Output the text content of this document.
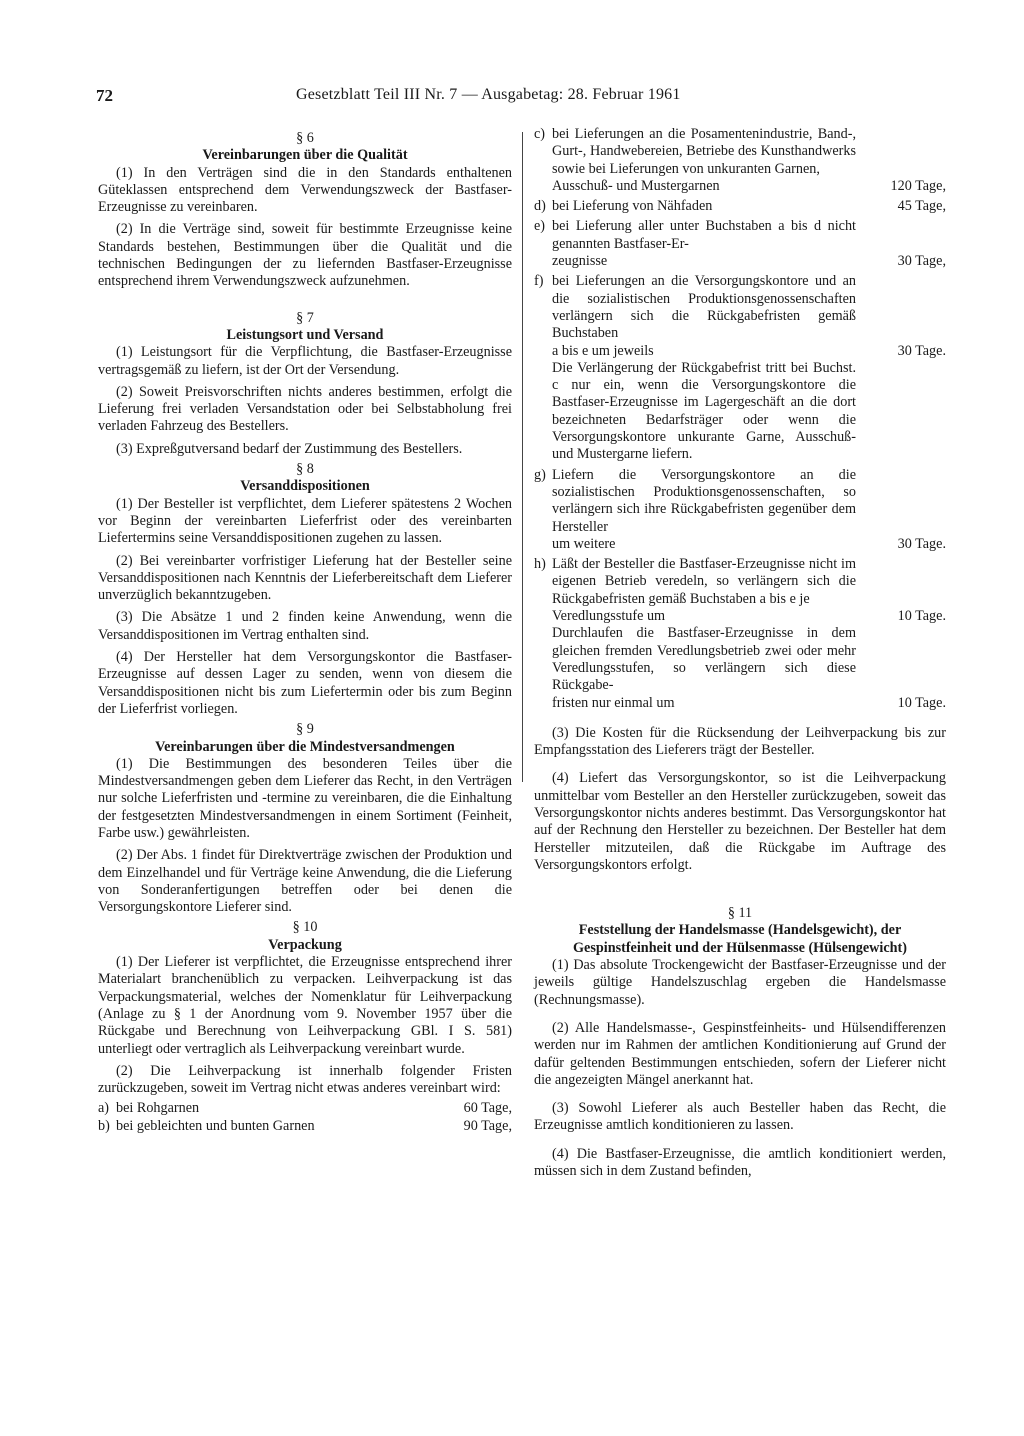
72	Gesetzblatt Teil III Nr. 7 — Ausgabetag: 28. Februar 1961

§ 6

Vereinbarungen über die Qualität

(1) In den Verträgen sind die in den Standards enthaltenen Güteklassen entsprechend dem Verwendungszweck der Bastfaser-Erzeugnisse zu vereinbaren.

(2) In die Verträge sind, soweit für bestimmte Erzeugnisse keine Standards bestehen, Bestimmungen über die Qualität und die technischen Bedingungen der zu liefernden Bastfaser-Erzeugnisse entsprechend ihrem Verwendungszweck aufzunehmen.

§ 7

Leistungsort und Versand

(1) Leistungsort für die Verpflichtung, die Bastfaser-Erzeugnisse vertragsgemäß zu liefern, ist der Ort der Versendung.

(2) Soweit Preisvorschriften nichts anderes bestimmen, erfolgt die Lieferung frei verladen Versandstation oder bei Selbstabholung frei verladen Fahrzeug des Bestellers.

(3) Expreßgutversand bedarf der Zustimmung des Bestellers.

§ 8

Versanddispositionen

(1) Der Besteller ist verpflichtet, dem Lieferer spätestens 2 Wochen vor Beginn der vereinbarten Lieferfrist oder des vereinbarten Liefertermins seine Versanddispositionen zugehen zu lassen.

(2) Bei vereinbarter vorfristiger Lieferung hat der Besteller seine Versanddispositionen nach Kenntnis der Lieferbereitschaft dem Lieferer unverzüglich bekanntzugeben.

(3) Die Absätze 1 und 2 finden keine Anwendung, wenn die Versanddispositionen im Vertrag enthalten sind.

(4) Der Hersteller hat dem Versorgungskontor die Bastfaser-Erzeugnisse auf dessen Lager zu senden, wenn von diesem die Versanddispositionen nicht bis zum Liefertermin oder bis zum Beginn der Lieferfrist vorliegen.

§ 9

Vereinbarungen über die Mindestversandmengen

(1) Die Bestimmungen des besonderen Teiles über die Mindestversandmengen geben dem Lieferer das Recht, in den Verträgen nur solche Lieferfristen und -termine zu vereinbaren, die die Einhaltung der festgesetzten Mindestversandmengen in einem Sortiment (Feinheit, Farbe usw.) gewährleisten.

(2) Der Abs. 1 findet für Direktverträge zwischen der Produktion und dem Einzelhandel und für Verträge keine Anwendung, die die Lieferung von Sonderanfertigungen betreffen oder bei denen die Versorgungskontore Lieferer sind.

§ 10

Verpackung

(1) Der Lieferer ist verpflichtet, die Erzeugnisse entsprechend ihrer Materialart branchenüblich zu verpacken. Leihverpackung ist das Verpackungsmaterial, welches der Nomenklatur für Leihverpackung (Anlage zu § 1 der Anordnung vom 9. November 1957 über die Rückgabe und Berechnung von Leihverpackung GBl. I S. 581) unterliegt oder vertraglich als Leihverpackung vereinbart wurde.

(2) Die Leihverpackung ist innerhalb folgender Fristen zurückzugeben, soweit im Vertrag nicht etwas anderes vereinbart wird:

a) bei Rohgarnen	60 Tage,
b) bei gebleichten und bunten Garnen	90 Tage,
c) bei Lieferungen an die Posamentenindustrie, Band-, Gurt-, Handwebereien, Betriebe des Kunsthandwerks sowie bei Lieferungen von unkuranten Garnen,
Ausschuß- und Mustergarnen	120 Tage,
d) bei Lieferung von Nähfaden	45 Tage,
e) bei Lieferung aller unter Buchstaben a bis d nicht genannten Bastfaser-Er-
zeugnisse	30 Tage,
f) bei Lieferungen an die Versorgungskontore und an die sozialistischen Produktionsgenossenschaften verlängern sich die Rückgabefristen gemäß Buchstaben
a bis e um jeweils	30 Tage.
Die Verlängerung der Rückgabefrist tritt bei Buchst. c nur ein, wenn die Versorgungskontore die Bastfaser-Erzeugnisse im Lagergeschäft an die dort bezeichneten Bedarfsträger oder wenn die Versorgungskontore unkurante Garne, Ausschuß- und Mustergarne liefern.
g) Liefern die Versorgungskontore an die sozialistischen Produktionsgenossenschaften, so verlängern sich ihre Rückgabefristen gegenüber dem Hersteller
um weitere	30 Tage.
h) Läßt der Besteller die Bastfaser-Erzeugnisse nicht im eigenen Betrieb veredeln, so verlängern sich die Rückgabefristen gemäß Buchstaben a bis e je
Veredlungsstufe um	10 Tage.
Durchlaufen die Bastfaser-Erzeugnisse in dem gleichen fremden Veredlungsbetrieb zwei oder mehr Veredlungsstufen, so verlängern sich diese Rückgabe-
fristen nur einmal um	10 Tage.

(3) Die Kosten für die Rücksendung der Leihverpackung bis zur Empfangsstation des Lieferers trägt der Besteller.

(4) Liefert das Versorgungskontor, so ist die Leihverpackung unmittelbar vom Besteller an den Hersteller zurückzugeben, soweit das Versorgungskontor nichts anderes bestimmt. Das Versorgungskontor hat auf der Rechnung den Hersteller zu bezeichnen. Der Besteller hat dem Hersteller mitzuteilen, daß die Rückgabe im Auftrage des Versorgungskontors erfolgt.

§ 11

Feststellung der Handelsmasse (Handelsgewicht), der Gespinstfeinheit und der Hülsenmasse (Hülsengewicht)

(1) Das absolute Trockengewicht der Bastfaser-Erzeugnisse und der jeweils gültige Handelszuschlag ergeben die Handelsmasse (Rechnungsmasse).

(2) Alle Handelsmasse-, Gespinstfeinheits- und Hülsendifferenzen werden nur im Rahmen der amtlichen Konditionierung auf Grund der dafür geltenden Bestimmungen entschieden, sofern der Lieferer nicht die angezeigten Mängel anerkannt hat.

(3) Sowohl Lieferer als auch Besteller haben das Recht, die Erzeugnisse amtlich konditionieren zu lassen.

(4) Die Bastfaser-Erzeugnisse, die amtlich konditioniert werden, müssen sich in dem Zustand befinden,
